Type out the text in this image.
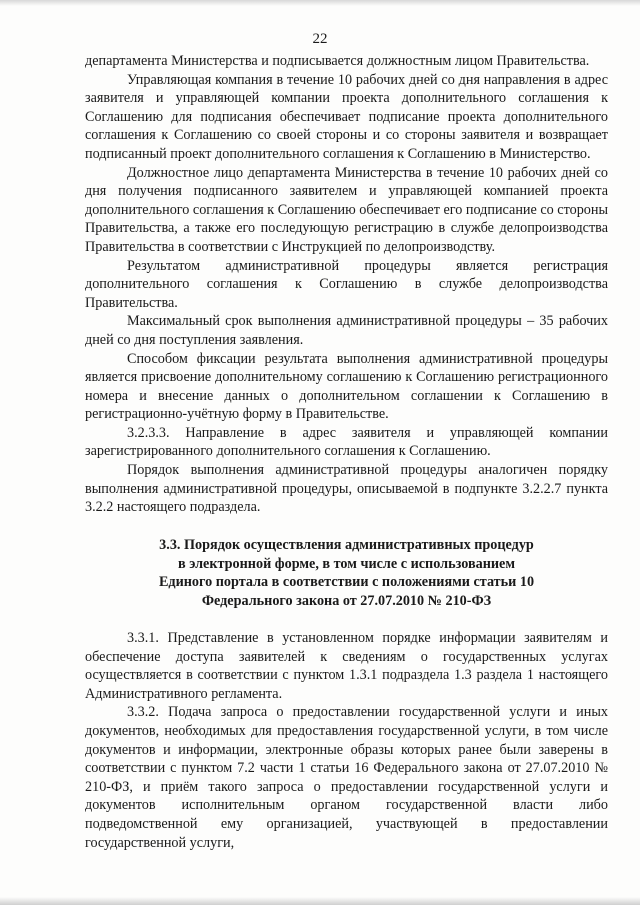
22

департамента Министерства и подписывается должностным лицом Правительства.

Управляющая компания в течение 10 рабочих дней со дня направления в адрес заявителя и управляющей компании проекта дополнительного соглашения к Соглашению для подписания обеспечивает подписание проекта дополнительного соглашения к Соглашению со своей стороны и со стороны заявителя и возвращает подписанный проект дополнительного соглашения к Соглашению в Министерство.

Должностное лицо департамента Министерства в течение 10 рабочих дней со дня получения подписанного заявителем и управляющей компанией проекта дополнительного соглашения к Соглашению обеспечивает его подписание со стороны Правительства, а также его последующую регистрацию в службе делопроизводства Правительства в соответствии с Инструкцией по делопроизводству.

Результатом административной процедуры является регистрация дополнительного соглашения к Соглашению в службе делопроизводства Правительства.

Максимальный срок выполнения административной процедуры – 35 рабочих дней со дня поступления заявления.

Способом фиксации результата выполнения административной процедуры является присвоение дополнительному соглашению к Соглашению регистрационного номера и внесение данных о дополнительном соглашении к Соглашению в регистрационно-учётную форму в Правительстве.

3.2.3.3. Направление в адрес заявителя и управляющей компании зарегистрированного дополнительного соглашения к Соглашению.

Порядок выполнения административной процедуры аналогичен порядку выполнения административной процедуры, описываемой в подпункте 3.2.2.7 пункта 3.2.2 настоящего подраздела.

3.3. Порядок осуществления административных процедур

в электронной форме, в том числе с использованием

Единого портала в соответствии с положениями статьи 10

Федерального закона от 27.07.2010 № 210-ФЗ

3.3.1. Представление в установленном порядке информации заявителям и обеспечение доступа заявителей к сведениям о государственных услугах осуществляется в соответствии с пунктом 1.3.1 подраздела 1.3 раздела 1 настоящего Административного регламента.

3.3.2. Подача запроса о предоставлении государственной услуги и иных документов, необходимых для предоставления государственной услуги, в том числе документов и информации, электронные образы которых ранее были заверены в соответствии с пунктом 7.2 части 1 статьи 16 Федерального закона от 27.07.2010 № 210-ФЗ, и приём такого запроса о предоставлении государственной услуги и документов исполнительным органом государственной власти либо подведомственной ему организацией, участвующей в предоставлении государственной услуги,
